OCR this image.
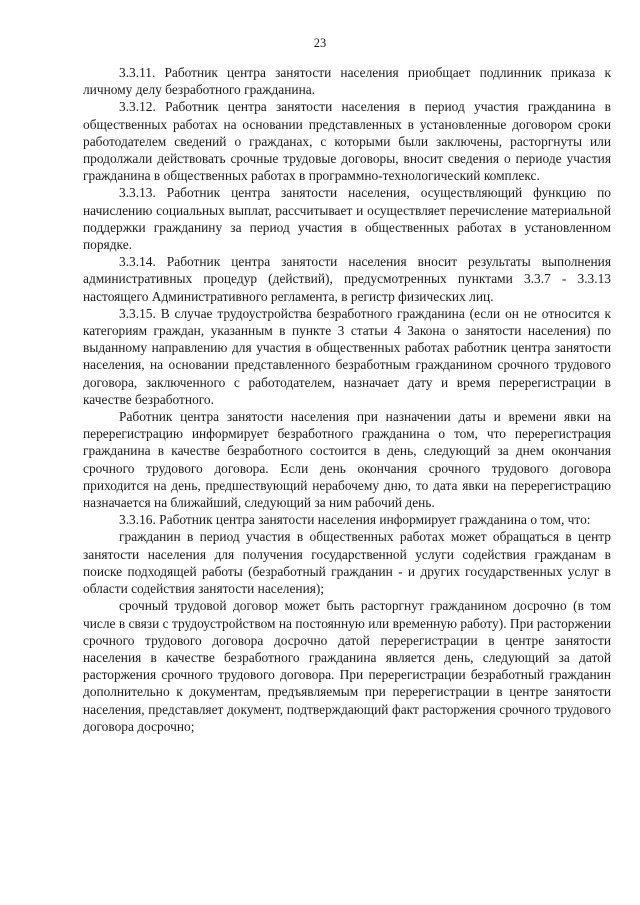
23

3.3.11. Работник центра занятости населения приобщает подлинник приказа к личному делу безработного гражданина.

3.3.12. Работник центра занятости населения в период участия гражданина в общественных работах на основании представленных в установленные договором сроки работодателем сведений о гражданах, с которыми были заключены, расторгнуты или продолжали действовать срочные трудовые договоры, вносит сведения о периоде участия гражданина в общественных работах в программно-технологический комплекс.

3.3.13. Работник центра занятости населения, осуществляющий функцию по начислению социальных выплат, рассчитывает и осуществляет перечисление материальной поддержки гражданину за период участия в общественных работах в установленном порядке.

3.3.14. Работник центра занятости населения вносит результаты выполнения административных процедур (действий), предусмотренных пунктами 3.3.7 - 3.3.13 настоящего Административного регламента, в регистр физических лиц.

3.3.15. В случае трудоустройства безработного гражданина (если он не относится к категориям граждан, указанным в пункте 3 статьи 4 Закона о занятости населения) по выданному направлению для участия в общественных работах работник центра занятости населения, на основании представленного безработным гражданином срочного трудового договора, заключенного с работодателем, назначает дату и время перерегистрации в качестве безработного.

Работник центра занятости населения при назначении даты и времени явки на перерегистрацию информирует безработного гражданина о том, что перерегистрация гражданина в качестве безработного состоится в день, следующий за днем окончания срочного трудового договора. Если день окончания срочного трудового договора приходится на день, предшествующий нерабочему дню, то дата явки на перерегистрацию назначается на ближайший, следующий за ним рабочий день.

3.3.16. Работник центра занятости населения информирует гражданина о том, что:

гражданин в период участия в общественных работах может обращаться в центр занятости населения для получения государственной услуги содействия гражданам в поиске подходящей работы (безработный гражданин - и других государственных услуг в области содействия занятости населения);

срочный трудовой договор может быть расторгнут гражданином досрочно (в том числе в связи с трудоустройством на постоянную или временную работу). При расторжении срочного трудового договора досрочно датой перерегистрации в центре занятости населения в качестве безработного гражданина является день, следующий за датой расторжения срочного трудового договора. При перерегистрации безработный гражданин дополнительно к документам, предъявляемым при перерегистрации в центре занятости населения, представляет документ, подтверждающий факт расторжения срочного трудового договора досрочно;
